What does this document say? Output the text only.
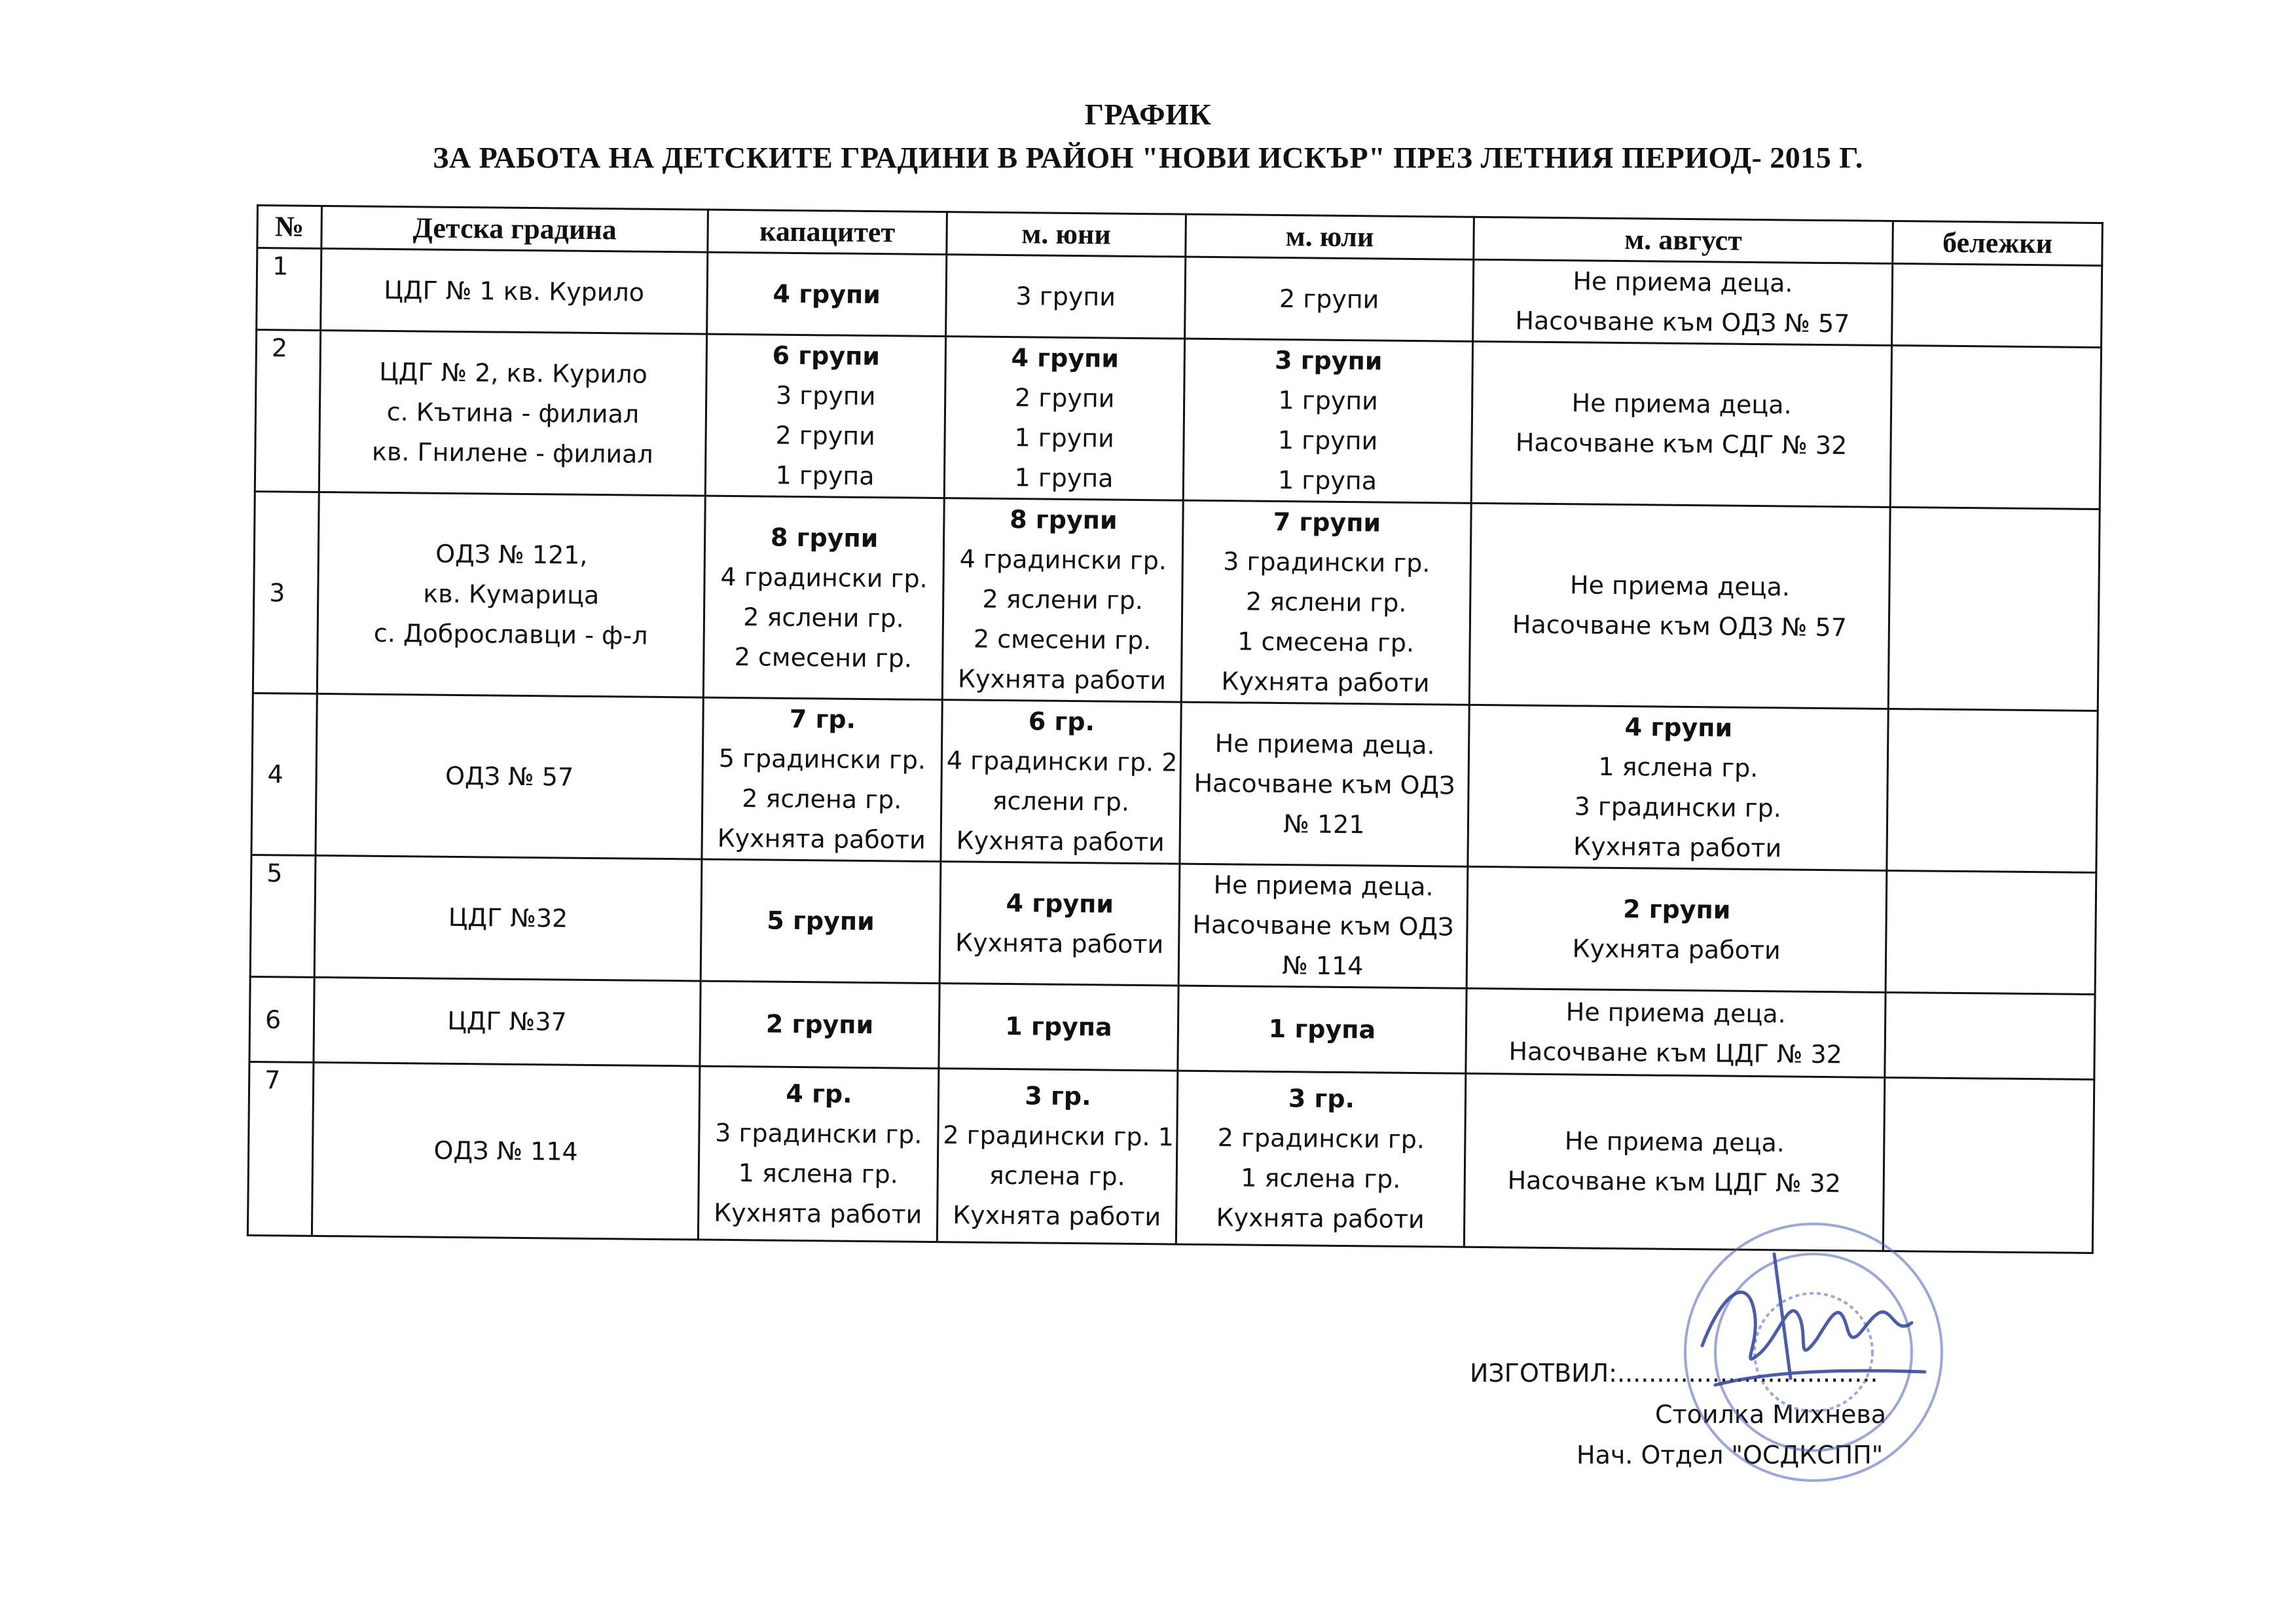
ГРАФИК
ЗА РАБОТА НА ДЕТСКИТЕ ГРАДИНИ В РАЙОН "НОВИ ИСКЪР" ПРЕЗ ЛЕТНИЯ ПЕРИОД- 2015 Г.
№	Детска градина	капацитет	м. юни	м. юли	м. август	бележки
1	ЦДГ № 1 кв. Курило	4 групи	3 групи	2 групи	Не приема деца.
Насочване към ОДЗ № 57	

2	ЦДГ № 2, кв. Курило
с. Кътина - филиал
кв. Гнилене - филиал	6 групи
3 групи
2 групи
1 група	4 групи
2 групи
1 групи
1 група	3 групи
1 групи
1 групи
1 група	Не приема деца.
Насочване към СДГ № 32	

3	ОДЗ № 121,
кв. Кумарица
с. Доброславци - ф-л	8 групи
4 градински гр.
2 яслени гр.
2 смесени гр.	8 групи
4 градински гр.
2 яслени гр.
2 смесени гр.
Кухнята работи	7 групи
3 градински гр.
2 яслени гр.
1 смесена гр.
Кухнята работи	Не приема деца.
Насочване към ОДЗ № 57	

4	ОДЗ № 57	7 гр.
5 градински гр.
2 яслена гр.
Кухнята работи	6 гр.
4 градински гр. 2
яслени гр.
Кухнята работи	Не приема деца.
Насочване към ОДЗ
№ 121	4 групи
1 яслена гр.
3 градински гр.
Кухнята работи	

5	ЦДГ №32	5 групи	4 групи
Кухнята работи	Не приема деца.
Насочване към ОДЗ
№ 114	2 групи
Кухнята работи	

6	ЦДГ №37	2 групи	1 група	1 група	Не приема деца.
Насочване към ЦДГ № 32	

7	ОДЗ № 114	4 гр.
3 градински гр.
1 яслена гр.
Кухнята работи	3 гр.
2 градински гр. 1
яслена гр.
Кухнята работи	3 гр.
2 градински гр.
1 яслена гр.
Кухнята работи	Не приема деца.
Насочване към ЦДГ № 32	

ИЗГОТВИЛ:.................................
Стоилка Михнева
Нач. Отдел "ОСДКСПП"
